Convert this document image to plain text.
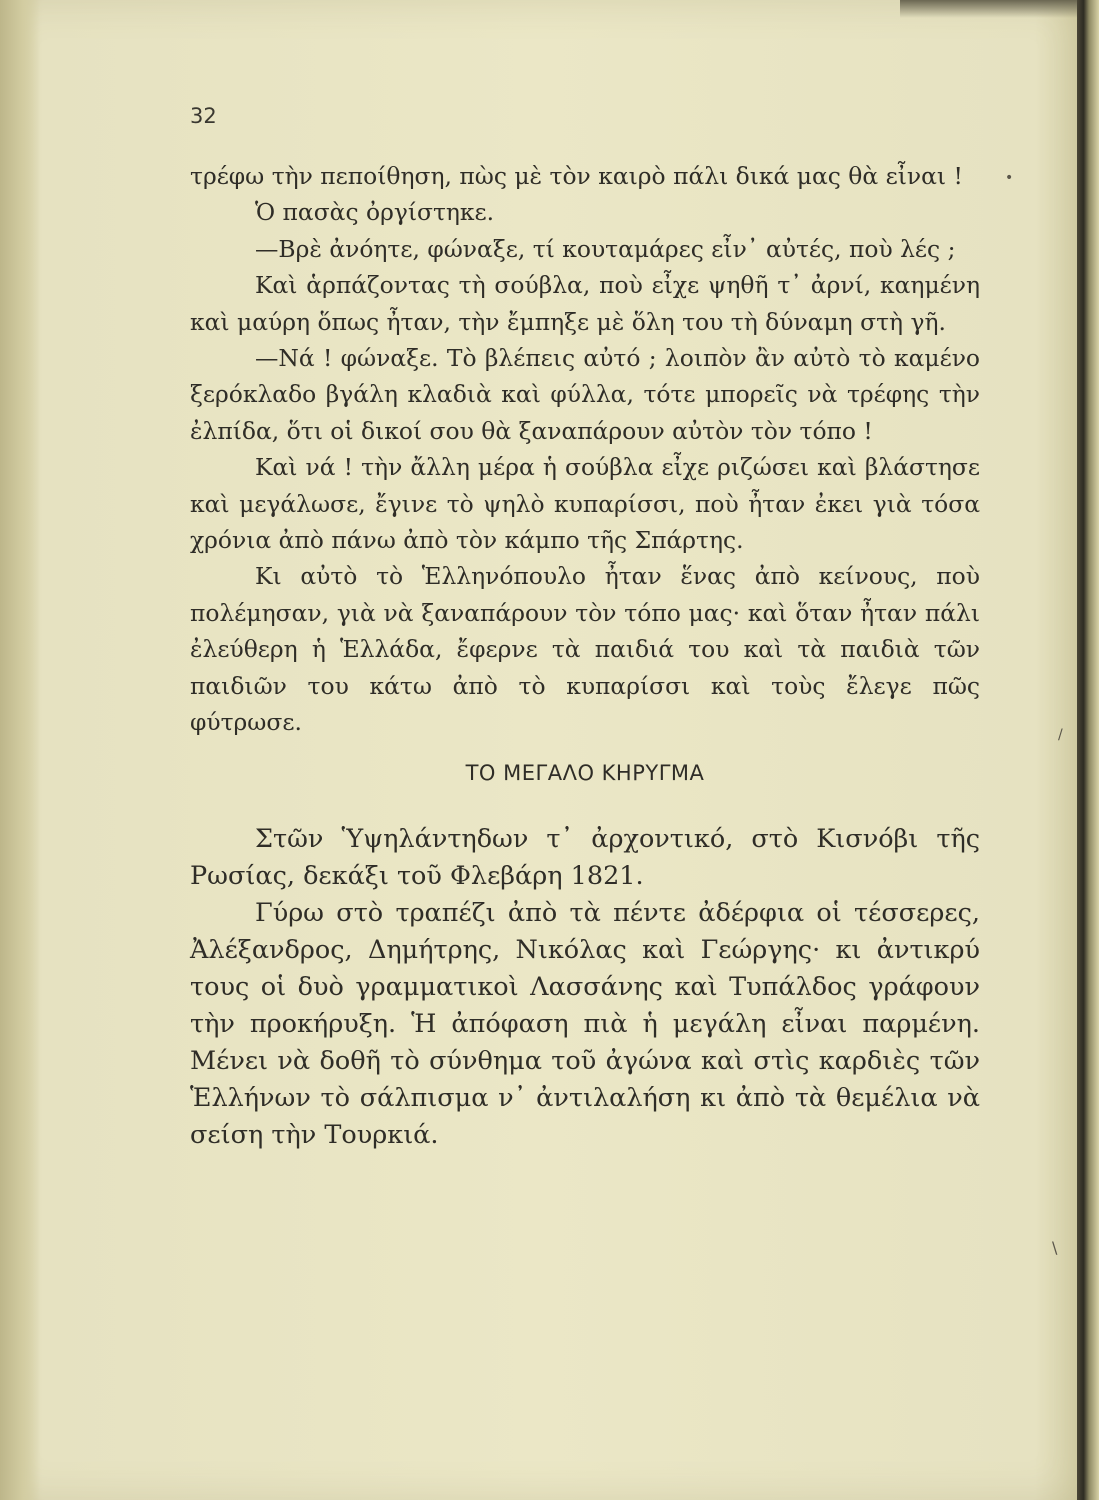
32

τρέφω τὴν πεποίθηση, πὼς μὲ τὸν καιρὸ πάλι δικά μας θὰ εἶναι !

Ὁ πασὰς ὀργίστηκε.

—Βρὲ ἀνόητε, φώναξε, τί κουταμάρες εἶν᾽ αὐτές, ποὺ λές ;

Καὶ ἁρπάζοντας τὴ σούβλα, ποὺ εἶχε ψηθῆ τ᾽ ἀρνί, καημένη καὶ μαύρη ὅπως ἦταν, τὴν ἔμπηξε μὲ ὅλη του τὴ δύναμη στὴ γῆ.

—Νά ! φώναξε. Τὸ βλέπεις αὐτό ; λοιπὸν ἂν αὐτὸ τὸ καμένο ξερόκλαδο βγάλη κλαδιὰ καὶ φύλλα, τότε μπορεῖς νὰ τρέφης τὴν ἐλπίδα, ὅτι οἱ δικοί σου θὰ ξαναπάρουν αὐτὸν τὸν τόπο !

Καὶ νά ! τὴν ἄλλη μέρα ἡ σούβλα εἶχε ριζώσει καὶ βλάστησε καὶ μεγάλωσε, ἔγινε τὸ ψηλὸ κυπαρίσσι, ποὺ ἦταν ἐκει γιὰ τόσα χρόνια ἀπὸ πάνω ἀπὸ τὸν κάμπο τῆς Σπάρτης.

Κι αὐτὸ τὸ Ἑλληνόπουλο ἦταν ἕνας ἀπὸ κείνους, ποὺ πολέμησαν, γιὰ νὰ ξαναπάρουν τὸν τόπο μας· καὶ ὅταν ἦταν πάλι ἐλεύθερη ἡ Ἑλλάδα, ἔφερνε τὰ παιδιά του καὶ τὰ παιδιὰ τῶν παιδιῶν του κάτω ἀπὸ τὸ κυπαρίσσι καὶ τοὺς ἔλεγε πῶς φύτρωσε.

ΤΟ ΜΕΓΑΛΟ ΚΗΡΥΓΜΑ

Στῶν Ὑψηλάντηδων τ᾽ ἀρχοντικό, στὸ Κισνόβι τῆς Ρωσίας, δεκάξι τοῦ Φλεβάρη 1821.

Γύρω στὸ τραπέζι ἀπὸ τὰ πέντε ἀδέρφια οἱ τέσσερες, Ἀλέξανδρος, Δημήτρης, Νικόλας καὶ Γεώργης· κι ἀντικρύ τους οἱ δυὸ γραμματικοὶ Λασσάνης καὶ Τυπάλδος γράφουν τὴν προκήρυξη. Ἡ ἀπόφαση πιὰ ἡ μεγάλη εἶναι παρμένη. Μένει νὰ δοθῆ τὸ σύνθημα τοῦ ἀγώνα καὶ στὶς καρδιὲς τῶν Ἑλλήνων τὸ σάλπισμα ν᾽ ἀντιλαλήση κι ἀπὸ τὰ θεμέλια νὰ σείση τὴν Τουρκιά.

•
/
\
